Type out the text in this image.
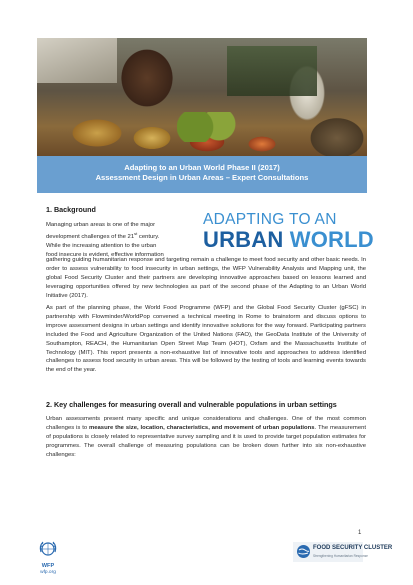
Adapting to an Urban World Phase II (2017)
Assessment Design in Urban Areas – Expert Consultations
1. Background
ADAPTING TO AN
URBAN WORLD
Managing urban areas is one of the major
development challenges of the 21st century.
While the increasing attention to the urban
food insecure is evident, effective information
gathering guiding humanitarian response and targeting remain a challenge to meet food security and other basic needs. In order to assess vulnerability to food insecurity in urban settings, the WFP Vulnerability Analysis and Mapping unit, the global Food Security Cluster and their partners are developing innovative approaches based on lessons learned and leveraging opportunities offered by new technologies as part of the second phase of the Adapting to an Urban World Initiative (2017).
As part of the planning phase, the World Food Programme (WFP) and the Global Food Security Cluster (gFSC) in partnership with Flowminder/WorldPop convened a technical meeting in Rome to brainstorm and discuss options to improve assessment designs in urban settings and identify innovative solutions for the way forward. Participating partners included the Food and Agriculture Organization of the United Nations (FAO), the GeoData Institute of the University of Southampton, REACH, the Humanitarian Open Street Map Team (HOT), Oxfam and the Massachusetts Institute of Technology (MIT). This report presents a non-exhaustive list of innovative tools and approaches to address identified challenges to assess food security in urban areas. This will be followed by the testing of tools and learning events towards the end of the year.
2. Key challenges for measuring overall and vulnerable populations in urban settings
Urban assessments present many specific and unique considerations and challenges. One of the most common challenges is to measure the size, location, characteristics, and movement of urban populations. The measurement of populations is closely related to representative survey sampling and it is used to provide target population estimates for programmes. The overall challenge of measuring populations can be broken down further into six non-exhaustive challenges:
1
WFP
wfp.org
FOOD SECURITY CLUSTER
Strengthening Humanitarian Response
